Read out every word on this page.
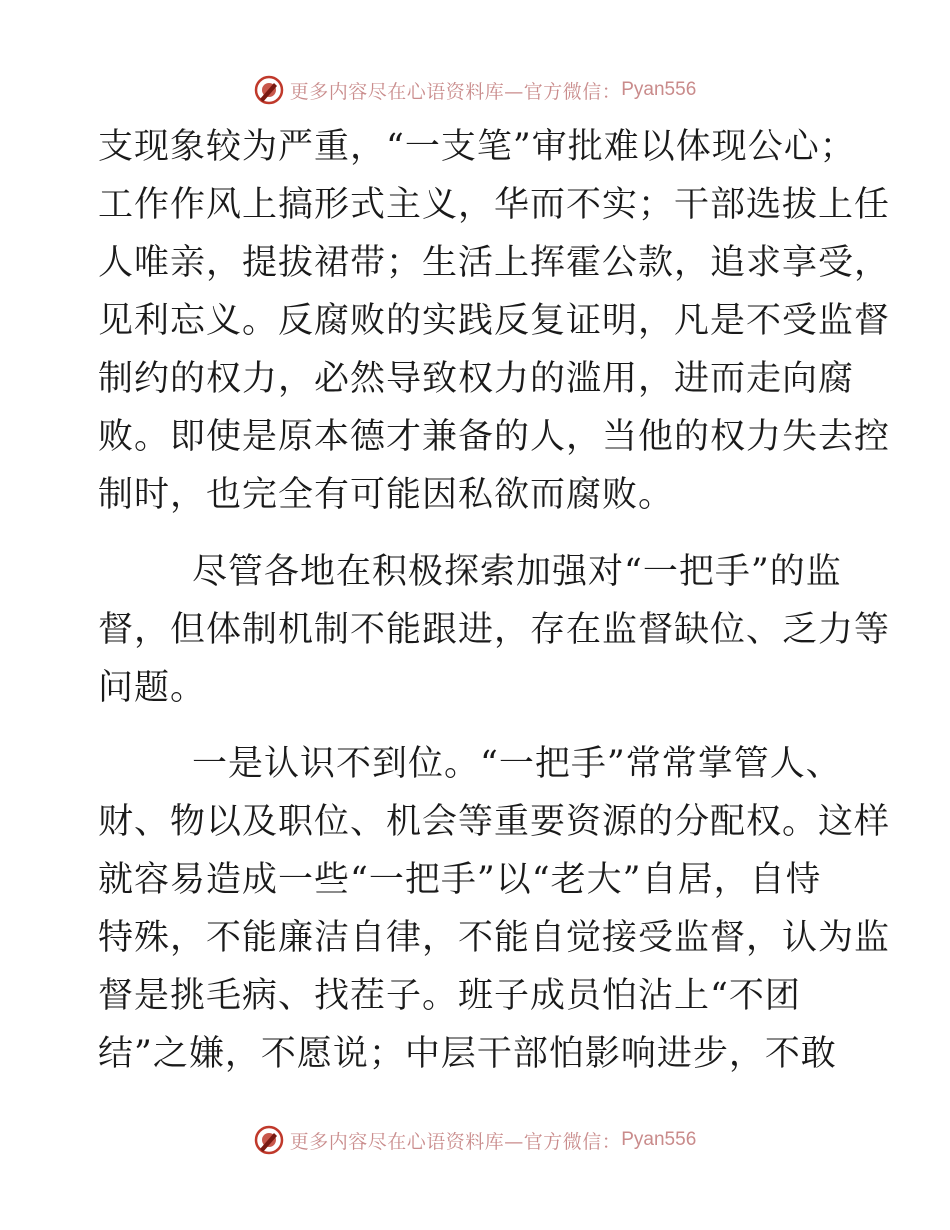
更多内容尽在心语资料库—官方微信： Pyan556
支现象较为严重，“一支笔”审批难以体现公心；
工作作风上搞形式主义，华而不实；干部选拔上任
人唯亲，提拔裙带；生活上挥霍公款，追求享受，
见利忘义。反腐败的实践反复证明，凡是不受监督
制约的权力，必然导致权力的滥用，进而走向腐
败。即使是原本德才兼备的人，当他的权力失去控
制时，也完全有可能因私欲而腐败。
尽管各地在积极探索加强对“一把手”的监
督，但体制机制不能跟进，存在监督缺位、乏力等
问题。
一是认识不到位。“一把手”常常掌管人、
财、物以及职位、机会等重要资源的分配权。这样
就容易造成一些“一把手”以“老大”自居，自恃
特殊，不能廉洁自律，不能自觉接受监督，认为监
督是挑毛病、找茬子。班子成员怕沾上“不团
结”之嫌，不愿说；中层干部怕影响进步，不敢
更多内容尽在心语资料库—官方微信： Pyan556
